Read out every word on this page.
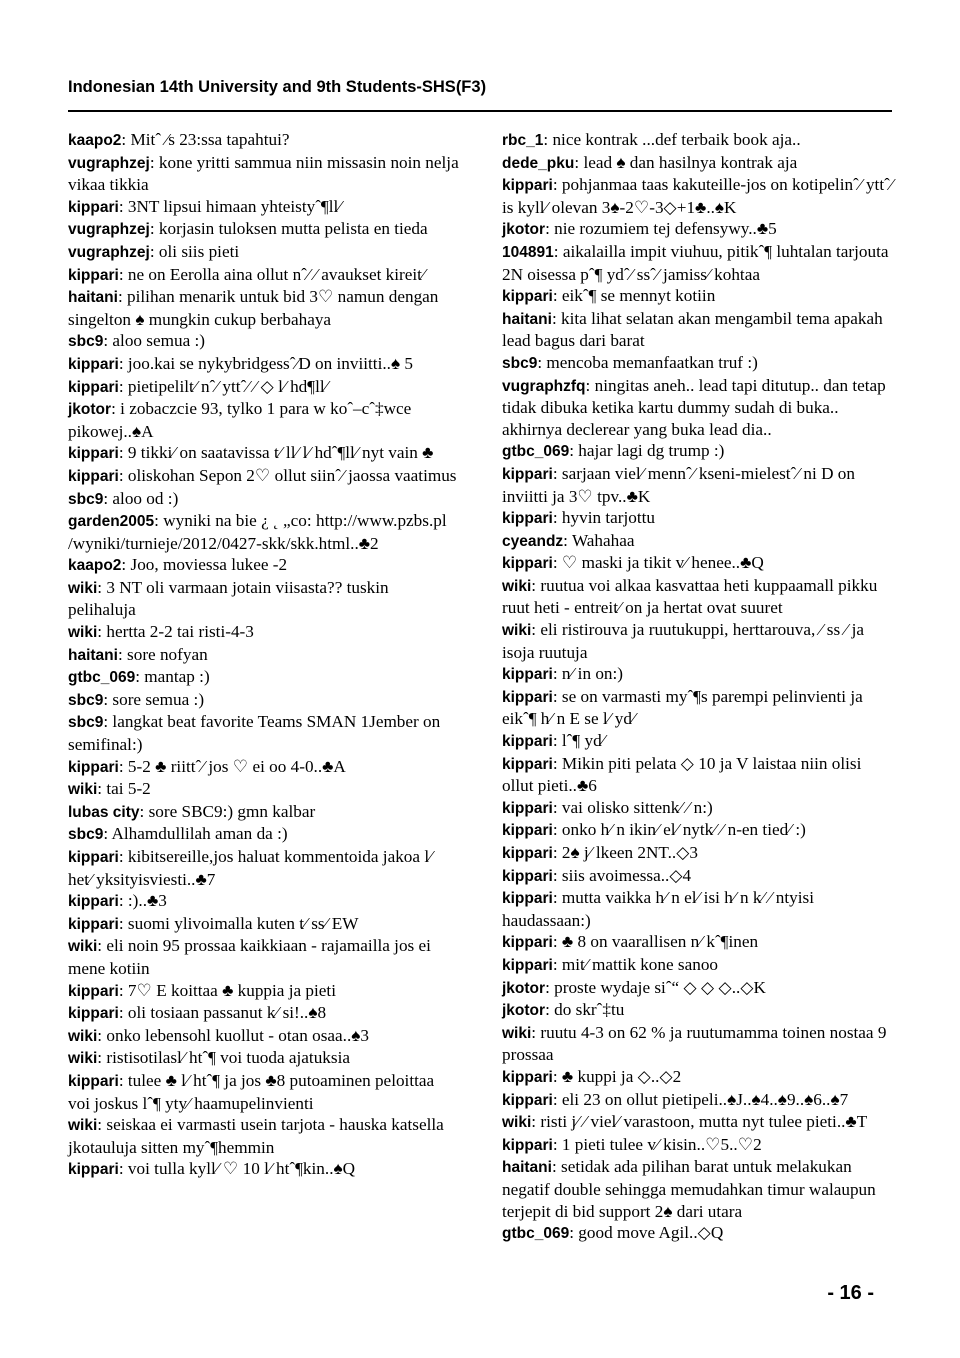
Indonesian 14th University and 9th Students-SHS(F3)

kaapo2 : Mitˆ ⁄s 23:ssa tapahtui?

vugraphzej : kone yritti sammua niin missasin noin nelja vikaa tikkia

kippari : 3NT lipsui himaan yhteistyˆ¶ll⁄

vugraphzej : korjasin tuloksen mutta pelista en tieda

vugraphzej : oli siis pieti

kippari : ne on Eerolla aina ollut nˆ⁄ ⁄ avaukset kireit⁄

haitani : pilihan menarik untuk bid 3♡ namun dengan singelton ♠ mungkin cukup berbahaya

sbc9 : aloo semua :)

kippari : joo.kai se nykybridgessˆ⁄D on inviitti..♠ 5

kippari : pietipelilt⁄ nˆ⁄ yttˆ⁄ ⁄ ◇ l⁄ hd¶ll⁄

jkotor : i zobaczcie 93, tylko 1 para w koˆ–cˆ‡wce pikowej..♠A

kippari : 9 tikki⁄ on saatavissa t⁄ ll⁄ l⁄ hdˆ¶ll⁄ nyt vain ♣

kippari : oliskohan Sepon 2♡ ollut siinˆ⁄ jaossa vaatimus

sbc9 : aloo od :)

garden2005 : wyniki na bie ¿ ˛ „co: http://www.pzbs.pl /wyniki/turnieje/2012/0427-skk/skk.html..♣2

kaapo2 : Joo, moviessa lukee -2

wiki : 3 NT oli varmaan jotain viisasta?? tuskin pelihaluja

wiki : hertta 2-2 tai risti-4-3

haitani : sore nofyan

gtbc_069 : mantap :)

sbc9 : sore semua :)

sbc9 : langkat beat favorite Teams SMAN 1Jember on semifinal:)

kippari : 5-2 ♣ riittˆ⁄ jos ♡ ei oo 4-0..♣A

wiki : tai 5-2

lubas city : sore SBC9:) gmn kalbar

sbc9 : Alhamdullilah aman da :)

kippari : kibitsereille,jos haluat kommentoida jakoa l⁄ het⁄ yksityisviesti..♣7

kippari : :)..♣3

kippari : suomi ylivoimalla kuten t⁄ ss⁄ EW

wiki : eli noin 95 prossaa kaikkiaan - rajamailla jos ei mene kotiin

kippari : 7♡ E koittaa ♣ kuppia ja pieti

kippari : oli tosiaan passanut k⁄ si!..♠8

wiki : onko lebensohl kuollut - otan osaa..♠3

wiki : ristisotilasl⁄ htˆ¶ voi tuoda ajatuksia

kippari : tulee ♣ l⁄ htˆ¶ ja jos ♣8 putoaminen peloittaa voi joskus lˆ¶ yty⁄ haamupelinvienti

wiki : seiskaa ei varmasti usein tarjota - hauska katsella jkotauluja sitten myˆ¶hemmin

kippari : voi tulla kyll⁄ ♡ 10 l⁄ htˆ¶kin..♠Q

rbc_1 : nice kontrak ...def terbaik book aja..

dede_pku : lead ♠ dan hasilnya kontrak aja

kippari : pohjanmaa taas kakuteille-jos on kotipelinˆ⁄ yttˆ⁄ is kyll⁄ olevan 3♠-2♡-3◇+1♣..♠K

jkotor : nie rozumiem tej defensywy..♣5

104891 : aikalailla impit viuhuu, pitikˆ¶ luhtalan tarjouta 2N oisessa pˆ¶ ydˆ⁄ ssˆ⁄ jamiss⁄ kohtaa

kippari : eikˆ¶ se mennyt kotiin

haitani : kita lihat selatan akan mengambil tema apakah lead bagus dari barat

sbc9 : mencoba memanfaatkan truf :)

vugraphzfq : ningitas aneh.. lead tapi ditutup.. dan tetap tidak dibuka ketika kartu dummy sudah di buka.. akhirnya declerear yang buka lead dia..

gtbc_069 : hajar lagi dg trump :)

kippari : sarjaan viel⁄ mennˆ⁄ kseni-mielestˆ⁄ ni D on inviitti ja 3♡ tpv..♣K

kippari : hyvin tarjottu

cyeandz : Wahahaa

kippari : ♡ maski ja tikit v⁄ henee..♣Q

wiki : ruutua voi alkaa kasvattaa heti kuppaamall pikku ruut heti - entreit⁄ on ja hertat ovat suuret

wiki : eli ristirouva ja ruutukuppi, herttarouva, ⁄ ss ⁄ ja isoja ruutuja

kippari : n⁄ in on:)

kippari : se on varmasti myˆ¶s parempi pelinvienti ja eikˆ¶ h⁄ n E se l⁄ yd⁄

kippari : lˆ¶ yd⁄

kippari : Mikin piti pelata ◇ 10 ja V laistaa niin olisi ollut pieti..♣6

kippari : vai olisko sittenk⁄ ⁄ n:)

kippari : onko h⁄ n ikin⁄ el⁄ nytk⁄ ⁄ n-en tied⁄ :)

kippari : 2♠ j⁄ lkeen 2NT..◇3

kippari : siis avoimessa..◇4

kippari : mutta vaikka h⁄ n el⁄ isi h⁄ n k⁄ ⁄ ntyisi haudassaan:)

kippari : ♣ 8 on vaarallisen n⁄ kˆ¶inen

kippari : mit⁄ mattik kone sanoo

jkotor : proste wydaje siˆ“ ◇ ◇ ◇..◇K

jkotor : do skrˆ‡tu

wiki : ruutu 4-3 on 62 % ja ruutumamma toinen nostaa 9 prossaa

kippari : ♣ kuppi ja ◇..◇2

kippari : eli 23 on ollut pietipeli..♠J..♠4..♠9..♠6..♠7

wiki : risti j⁄ ⁄ viel⁄ varastoon, mutta nyt tulee pieti..♣T

kippari : 1 pieti tulee v⁄ kisin..♡5..♡2

haitani : setidak ada pilihan barat untuk melakukan negatif double sehingga memudahkan timur walaupun terjepit di bid support 2♠ dari utara

gtbc_069 : good move Agil..◇Q

- 16 -
